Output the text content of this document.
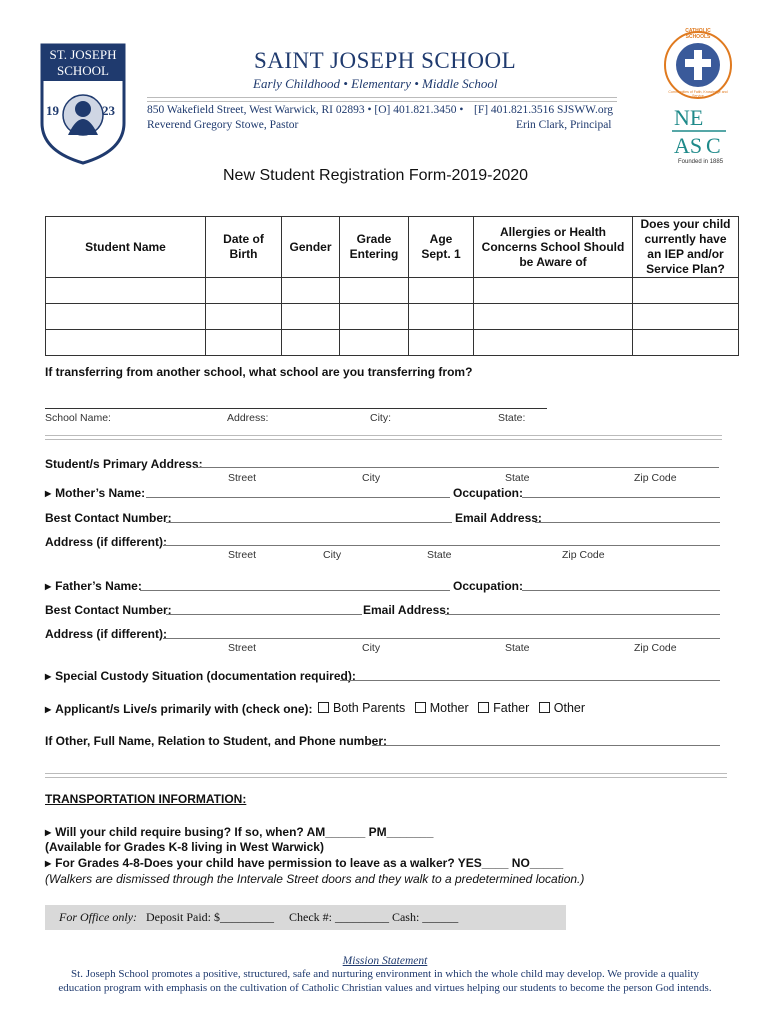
ST. JOSEPH
SCHOOL
19	23
SAINT JOSEPH SCHOOL
Early Childhood • Elementary • Middle School
850 Wakefield Street, West Warwick, RI 02893 • [O] 401.821.3450 • [F] 401.821.3516 SJSWW.org
Reverend Gregory Stowe, Pastor	Erin Clark, Principal
CATHOLIC SCHOOLS
Communities of Faith, Knowledge and Service
NE
AS C
Founded in 1885
New Student Registration Form-2019-2020
Student Name	Date of Birth	Gender	Grade Entering	Age Sept. 1	Allergies or Health Concerns School Should be Aware of	Does your child currently have an IEP and/or Service Plan?

If transferring from another school, what school are you transferring from?
School Name:	Address:	City:	State:
Student/s Primary Address:
Street	City	State	Zip Code
▶ Mother’s Name:	Occupation:
Best Contact Number:	Email Address:
Address (if different):
Street	City	State	Zip Code
▶ Father’s Name:	Occupation:
Best Contact Number:	Email Address:
Address (if different):
Street	City	State	Zip Code
▶ Special Custody Situation (documentation required):
▶ Applicant/s Live/s primarily with (check one):	Both Parents Mother Father Other
If Other, Full Name, Relation to Student, and Phone number:
TRANSPORTATION INFORMATION:
▶ Will your child require busing? If so, when? AM______ PM_______
(Available for Grades K-8 living in West Warwick)
▶ For Grades 4-8-Does your child have permission to leave as a walker? YES____ NO_____
(Walkers are dismissed through the Intervale Street doors and they walk to a predetermined location.)
For Office only: Deposit Paid: $_________     Check #: _________ Cash: ______
Mission Statement
St. Joseph School promotes a positive, structured, safe and nurturing environment in which the whole child may develop. We provide a quality
education program with emphasis on the cultivation of Catholic Christian values and virtues helping our students to become the person God intends.
